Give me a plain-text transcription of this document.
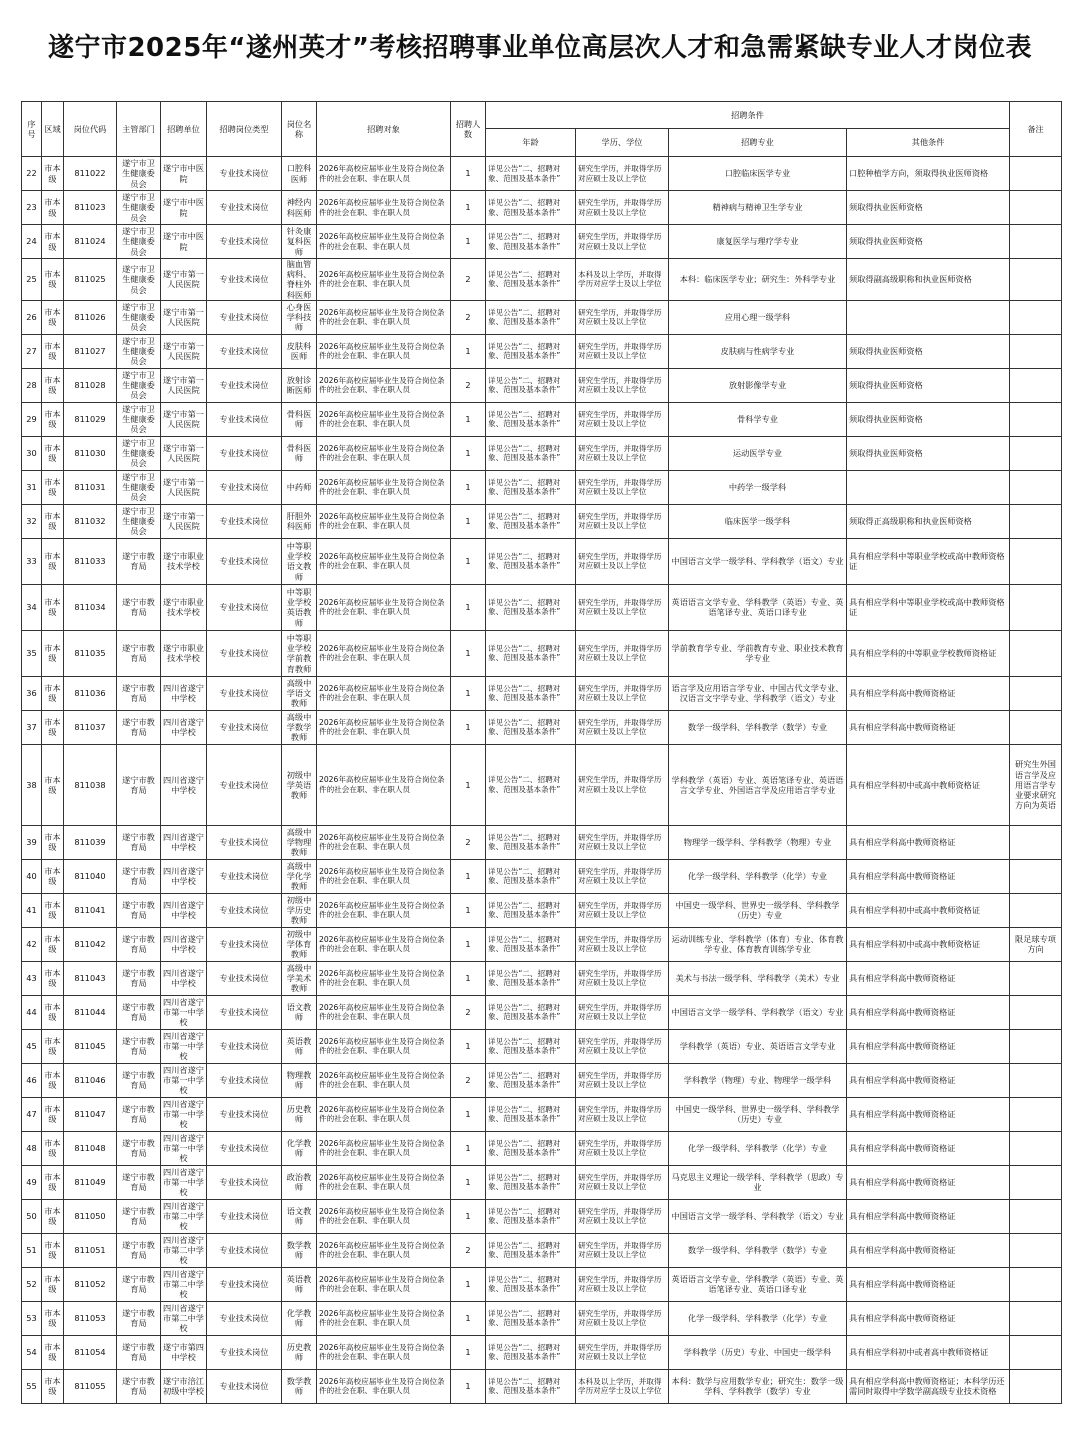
遂宁市2025年“遂州英才”考核招聘事业单位高层次人才和急需紧缺专业人才岗位表
序号	区域	岗位代码	主管部门	招聘单位	招聘岗位类型	岗位名称	招聘对象	招聘人数	招聘条件				备注
									年龄	学历、学位	招聘专业	其他条件	
22	市本级	811022	遂宁市卫生健康委员会	遂宁市中医院	专业技术岗位	口腔科医师	2026年高校应届毕业生及符合岗位条件的社会在职、非在职人员	1	详见公告“二、招聘对象、范围及基本条件”	研究生学历，并取得学历对应硕士及以上学位	口腔临床医学专业	口腔种植学方向，须取得执业医师资格	
23	市本级	811023	遂宁市卫生健康委员会	遂宁市中医院	专业技术岗位	神经内科医师	2026年高校应届毕业生及符合岗位条件的社会在职、非在职人员	1	详见公告“二、招聘对象、范围及基本条件”	研究生学历，并取得学历对应硕士及以上学位	精神病与精神卫生学专业	须取得执业医师资格	
24	市本级	811024	遂宁市卫生健康委员会	遂宁市中医院	专业技术岗位	针灸康复科医师	2026年高校应届毕业生及符合岗位条件的社会在职、非在职人员	1	详见公告“二、招聘对象、范围及基本条件”	研究生学历，并取得学历对应硕士及以上学位	康复医学与理疗学专业	须取得执业医师资格	
25	市本级	811025	遂宁市卫生健康委员会	遂宁市第一人民医院	专业技术岗位	脑血管病科、脊柱外科医师	2026年高校应届毕业生及符合岗位条件的社会在职、非在职人员	2	详见公告“二、招聘对象、范围及基本条件”	本科及以上学历，并取得学历对应学士及以上学位	本科：临床医学专业；研究生：外科学专业	须取得副高级职称和执业医师资格	
26	市本级	811026	遂宁市卫生健康委员会	遂宁市第一人民医院	专业技术岗位	心身医学科技师	2026年高校应届毕业生及符合岗位条件的社会在职、非在职人员	2	详见公告“二、招聘对象、范围及基本条件”	研究生学历，并取得学历对应硕士及以上学位	应用心理一级学科		
27	市本级	811027	遂宁市卫生健康委员会	遂宁市第一人民医院	专业技术岗位	皮肤科医师	2026年高校应届毕业生及符合岗位条件的社会在职、非在职人员	1	详见公告“二、招聘对象、范围及基本条件”	研究生学历，并取得学历对应硕士及以上学位	皮肤病与性病学专业	须取得执业医师资格	
28	市本级	811028	遂宁市卫生健康委员会	遂宁市第一人民医院	专业技术岗位	放射诊断医师	2026年高校应届毕业生及符合岗位条件的社会在职、非在职人员	2	详见公告“二、招聘对象、范围及基本条件”	研究生学历，并取得学历对应硕士及以上学位	放射影像学专业	须取得执业医师资格	
29	市本级	811029	遂宁市卫生健康委员会	遂宁市第一人民医院	专业技术岗位	骨科医师	2026年高校应届毕业生及符合岗位条件的社会在职、非在职人员	1	详见公告“二、招聘对象、范围及基本条件”	研究生学历，并取得学历对应硕士及以上学位	骨科学专业	须取得执业医师资格	
30	市本级	811030	遂宁市卫生健康委员会	遂宁市第一人民医院	专业技术岗位	骨科医师	2026年高校应届毕业生及符合岗位条件的社会在职、非在职人员	1	详见公告“二、招聘对象、范围及基本条件”	研究生学历，并取得学历对应硕士及以上学位	运动医学专业	须取得执业医师资格	
31	市本级	811031	遂宁市卫生健康委员会	遂宁市第一人民医院	专业技术岗位	中药师	2026年高校应届毕业生及符合岗位条件的社会在职、非在职人员	1	详见公告“二、招聘对象、范围及基本条件”	研究生学历，并取得学历对应硕士及以上学位	中药学一级学科		
32	市本级	811032	遂宁市卫生健康委员会	遂宁市第一人民医院	专业技术岗位	肝胆外科医师	2026年高校应届毕业生及符合岗位条件的社会在职、非在职人员	1	详见公告“二、招聘对象、范围及基本条件”	研究生学历，并取得学历对应硕士及以上学位	临床医学一级学科	须取得正高级职称和执业医师资格	
33	市本级	811033	遂宁市教育局	遂宁市职业技术学校	专业技术岗位	中等职业学校语文教师	2026年高校应届毕业生及符合岗位条件的社会在职、非在职人员	1	详见公告“二、招聘对象、范围及基本条件”	研究生学历，并取得学历对应硕士及以上学位	中国语言文学一级学科、学科教学（语文）专业	具有相应学科中等职业学校或高中教师资格证	
34	市本级	811034	遂宁市教育局	遂宁市职业技术学校	专业技术岗位	中等职业学校英语教师	2026年高校应届毕业生及符合岗位条件的社会在职、非在职人员	1	详见公告“二、招聘对象、范围及基本条件”	研究生学历，并取得学历对应硕士及以上学位	英语语言文学专业、学科教学（英语）专业、英语笔译专业、英语口译专业	具有相应学科中等职业学校或高中教师资格证	
35	市本级	811035	遂宁市教育局	遂宁市职业技术学校	专业技术岗位	中等职业学校学前教育教师	2026年高校应届毕业生及符合岗位条件的社会在职、非在职人员	1	详见公告“二、招聘对象、范围及基本条件”	研究生学历，并取得学历对应硕士及以上学位	学前教育学专业、学前教育专业、职业技术教育学专业	具有相应学科的中等职业学校教师资格证	
36	市本级	811036	遂宁市教育局	四川省遂宁中学校	专业技术岗位	高级中学语文教师	2026年高校应届毕业生及符合岗位条件的社会在职、非在职人员	1	详见公告“二、招聘对象、范围及基本条件”	研究生学历，并取得学历对应硕士及以上学位	语言学及应用语言学专业、中国古代文学专业、汉语言文字学专业、学科教学（语文）专业	具有相应学科高中教师资格证	
37	市本级	811037	遂宁市教育局	四川省遂宁中学校	专业技术岗位	高级中学数学教师	2026年高校应届毕业生及符合岗位条件的社会在职、非在职人员	1	详见公告“二、招聘对象、范围及基本条件”	研究生学历，并取得学历对应硕士及以上学位	数学一级学科、学科教学（数学）专业	具有相应学科高中教师资格证	
38	市本级	811038	遂宁市教育局	四川省遂宁中学校	专业技术岗位	初级中学英语教师	2026年高校应届毕业生及符合岗位条件的社会在职、非在职人员	1	详见公告“二、招聘对象、范围及基本条件”	研究生学历，并取得学历对应硕士及以上学位	学科教学（英语）专业、英语笔译专业、英语语言文学专业、外国语言学及应用语言学专业	具有相应学科初中或高中教师资格证	研究生外国语言学及应用语言学专业要求研究方向为英语
39	市本级	811039	遂宁市教育局	四川省遂宁中学校	专业技术岗位	高级中学物理教师	2026年高校应届毕业生及符合岗位条件的社会在职、非在职人员	2	详见公告“二、招聘对象、范围及基本条件”	研究生学历，并取得学历对应硕士及以上学位	物理学一级学科、学科教学（物理）专业	具有相应学科高中教师资格证	
40	市本级	811040	遂宁市教育局	四川省遂宁中学校	专业技术岗位	高级中学化学教师	2026年高校应届毕业生及符合岗位条件的社会在职、非在职人员	1	详见公告“二、招聘对象、范围及基本条件”	研究生学历，并取得学历对应硕士及以上学位	化学一级学科、学科教学（化学）专业	具有相应学科高中教师资格证	
41	市本级	811041	遂宁市教育局	四川省遂宁中学校	专业技术岗位	初级中学历史教师	2026年高校应届毕业生及符合岗位条件的社会在职、非在职人员	1	详见公告“二、招聘对象、范围及基本条件”	研究生学历，并取得学历对应硕士及以上学位	中国史一级学科、世界史一级学科、学科教学（历史）专业	具有相应学科初中或高中教师资格证	
42	市本级	811042	遂宁市教育局	四川省遂宁中学校	专业技术岗位	初级中学体育教师	2026年高校应届毕业生及符合岗位条件的社会在职、非在职人员	1	详见公告“二、招聘对象、范围及基本条件”	研究生学历，并取得学历对应硕士及以上学位	运动训练专业、学科教学（体育）专业、体育教学专业、体育教育训练学专业	具有相应学科初中或高中教师资格证	限足球专项方向
43	市本级	811043	遂宁市教育局	四川省遂宁中学校	专业技术岗位	高级中学美术教师	2026年高校应届毕业生及符合岗位条件的社会在职、非在职人员	1	详见公告“二、招聘对象、范围及基本条件”	研究生学历，并取得学历对应硕士及以上学位	美术与书法一级学科、学科教学（美术）专业	具有相应学科高中教师资格证	
44	市本级	811044	遂宁市教育局	四川省遂宁市第一中学校	专业技术岗位	语文教师	2026年高校应届毕业生及符合岗位条件的社会在职、非在职人员	2	详见公告“二、招聘对象、范围及基本条件”	研究生学历，并取得学历对应硕士及以上学位	中国语言文学一级学科、学科教学（语文）专业	具有相应学科高中教师资格证	
45	市本级	811045	遂宁市教育局	四川省遂宁市第一中学校	专业技术岗位	英语教师	2026年高校应届毕业生及符合岗位条件的社会在职、非在职人员	1	详见公告“二、招聘对象、范围及基本条件”	研究生学历，并取得学历对应硕士及以上学位	学科教学（英语）专业、英语语言文学专业	具有相应学科高中教师资格证	
46	市本级	811046	遂宁市教育局	四川省遂宁市第一中学校	专业技术岗位	物理教师	2026年高校应届毕业生及符合岗位条件的社会在职、非在职人员	2	详见公告“二、招聘对象、范围及基本条件”	研究生学历，并取得学历对应硕士及以上学位	学科教学（物理）专业、物理学一级学科	具有相应学科高中教师资格证	
47	市本级	811047	遂宁市教育局	四川省遂宁市第一中学校	专业技术岗位	历史教师	2026年高校应届毕业生及符合岗位条件的社会在职、非在职人员	1	详见公告“二、招聘对象、范围及基本条件”	研究生学历，并取得学历对应硕士及以上学位	中国史一级学科、世界史一级学科、学科教学（历史）专业	具有相应学科高中教师资格证	
48	市本级	811048	遂宁市教育局	四川省遂宁市第一中学校	专业技术岗位	化学教师	2026年高校应届毕业生及符合岗位条件的社会在职、非在职人员	1	详见公告“二、招聘对象、范围及基本条件”	研究生学历，并取得学历对应硕士及以上学位	化学一级学科、学科教学（化学）专业	具有相应学科高中教师资格证	
49	市本级	811049	遂宁市教育局	四川省遂宁市第一中学校	专业技术岗位	政治教师	2026年高校应届毕业生及符合岗位条件的社会在职、非在职人员	1	详见公告“二、招聘对象、范围及基本条件”	研究生学历，并取得学历对应硕士及以上学位	马克思主义理论一级学科、学科教学（思政）专业	具有相应学科高中教师资格证	
50	市本级	811050	遂宁市教育局	四川省遂宁市第二中学校	专业技术岗位	语文教师	2026年高校应届毕业生及符合岗位条件的社会在职、非在职人员	1	详见公告“二、招聘对象、范围及基本条件”	研究生学历，并取得学历对应硕士及以上学位	中国语言文学一级学科、学科教学（语文）专业	具有相应学科高中教师资格证	
51	市本级	811051	遂宁市教育局	四川省遂宁市第二中学校	专业技术岗位	数学教师	2026年高校应届毕业生及符合岗位条件的社会在职、非在职人员	2	详见公告“二、招聘对象、范围及基本条件”	研究生学历，并取得学历对应硕士及以上学位	数学一级学科、学科教学（数学）专业	具有相应学科高中教师资格证	
52	市本级	811052	遂宁市教育局	四川省遂宁市第二中学校	专业技术岗位	英语教师	2026年高校应届毕业生及符合岗位条件的社会在职、非在职人员	1	详见公告“二、招聘对象、范围及基本条件”	研究生学历，并取得学历对应硕士及以上学位	英语语言文学专业、学科教学（英语）专业、英语笔译专业、英语口译专业	具有相应学科高中教师资格证	
53	市本级	811053	遂宁市教育局	四川省遂宁市第二中学校	专业技术岗位	化学教师	2026年高校应届毕业生及符合岗位条件的社会在职、非在职人员	1	详见公告“二、招聘对象、范围及基本条件”	研究生学历，并取得学历对应硕士及以上学位	化学一级学科、学科教学（化学）专业	具有相应学科高中教师资格证	
54	市本级	811054	遂宁市教育局	遂宁市第四中学校	专业技术岗位	历史教师	2026年高校应届毕业生及符合岗位条件的社会在职、非在职人员	1	详见公告“二、招聘对象、范围及基本条件”	研究生学历，并取得学历对应硕士及以上学位	学科教学（历史）专业、中国史一级学科	具有相应学科初中或者高中教师资格证	
55	市本级	811055	遂宁市教育局	遂宁市涪江初级中学校	专业技术岗位	数学教师	2026年高校应届毕业生及符合岗位条件的社会在职、非在职人员	1	详见公告“二、招聘对象、范围及基本条件”	本科及以上学历，并取得学历对应学士及以上学位	本科：数学与应用数学专业；研究生：数学一级学科、学科教学（数学）专业	具有相应学科高中教师资格证；本科学历还需同时取得中学数学副高级专业技术资格	
